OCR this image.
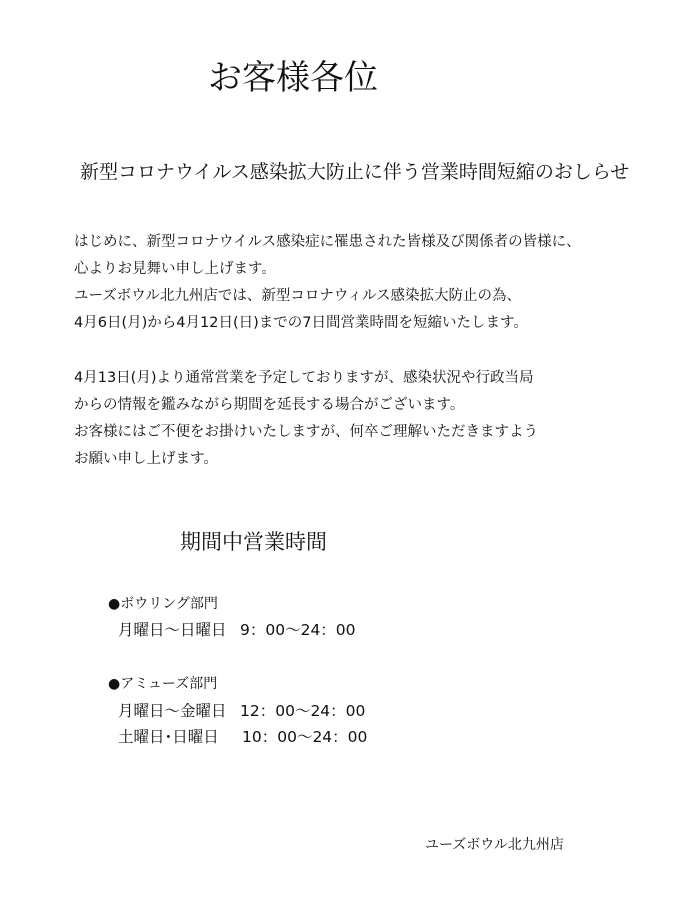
お客様各位
新型コロナウイルス感染拡大防止に伴う営業時間短縮のおしらせ
はじめに、新型コロナウイルス感染症に罹患された皆様及び関係者の皆様に、
心よりお見舞い申し上げます。
ユーズボウル北九州店では、新型コロナウィルス感染拡大防止の為、
4月6日(月)から4月12日(日)までの7日間営業時間を短縮いたします。
4月13日(月)より通常営業を予定しておりますが、感染状況や行政当局
からの情報を鑑みながら期間を延長する場合がございます。
お客様にはご不便をお掛けいたしますが、何卒ご理解いただきますよう
お願い申し上げます。
期間中営業時間
●ボウリング部門
月曜日～日曜日 9：00～24：00
●アミューズ部門
月曜日～金曜日 12：00～24：00
土曜日･日曜日 10：00～24：00
ユーズボウル北九州店
